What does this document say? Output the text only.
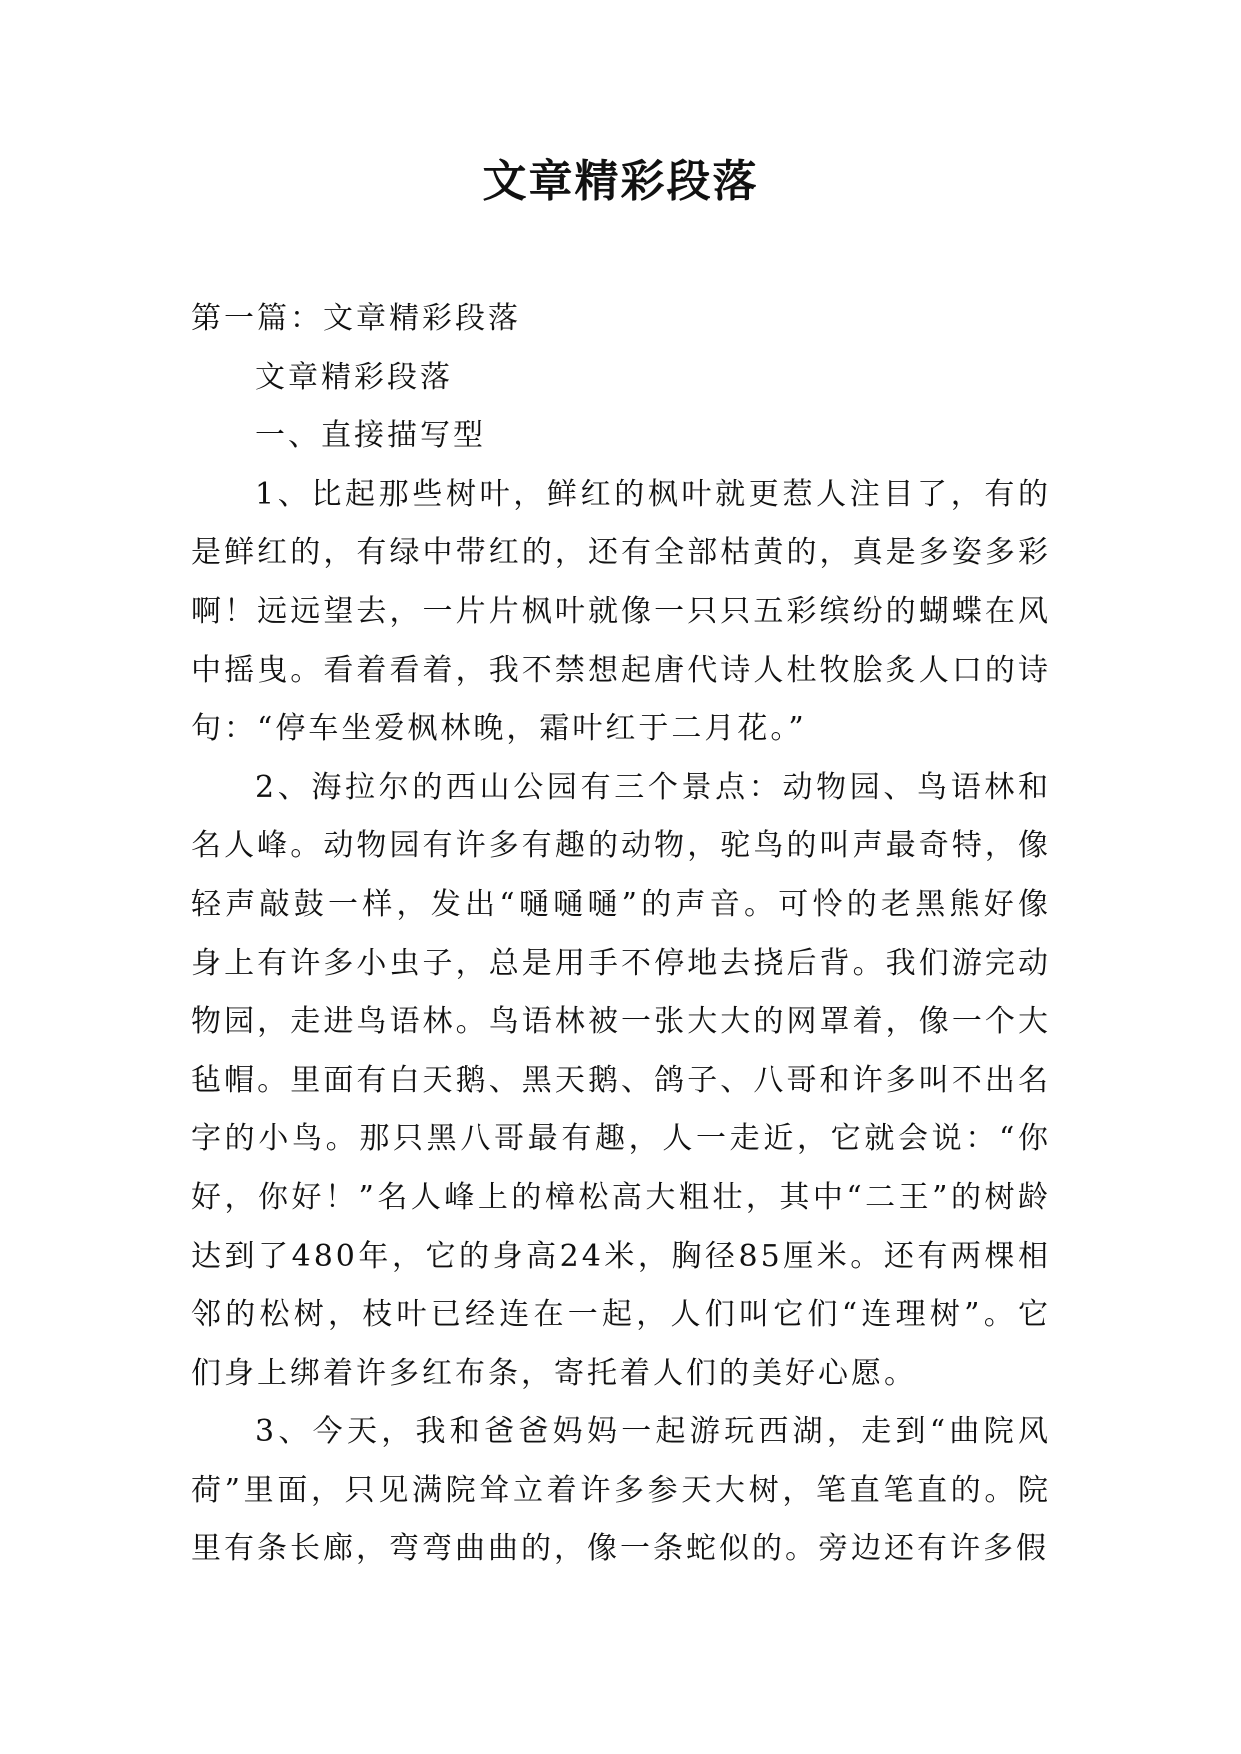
文章精彩段落

第一篇：文章精彩段落

文章精彩段落

一、直接描写型

1、比起那些树叶，鲜红的枫叶就更惹人注目了，有的是鲜红的，有绿中带红的，还有全部枯黄的，真是多姿多彩啊！远远望去，一片片枫叶就像一只只五彩缤纷的蝴蝶在风中摇曳。看着看着，我不禁想起唐代诗人杜牧脍炙人口的诗句：“停车坐爱枫林晚，霜叶红于二月花。”

2、海拉尔的西山公园有三个景点：动物园、鸟语林和名人峰。动物园有许多有趣的动物，驼鸟的叫声最奇特，像轻声敲鼓一样，发出“嗵嗵嗵”的声音。可怜的老黑熊好像身上有许多小虫子，总是用手不停地去挠后背。我们游完动物园，走进鸟语林。鸟语林被一张大大的网罩着，像一个大毡帽。里面有白天鹅、黑天鹅、鸽子、八哥和许多叫不出名字的小鸟。那只黑八哥最有趣，人一走近，它就会说：“你好，你好！”名人峰上的樟松高大粗壮，其中“二王”的树龄达到了480年，它的身高24米，胸径85厘米。还有两棵相邻的松树，枝叶已经连在一起，人们叫它们“连理树”。它们身上绑着许多红布条，寄托着人们的美好心愿。

3、今天，我和爸爸妈妈一起游玩西湖，走到“曲院风荷”里面，只见满院耸立着许多参天大树，笔直笔直的。院里有条长廊，弯弯曲曲的，像一条蛇似的。旁边还有许多假
